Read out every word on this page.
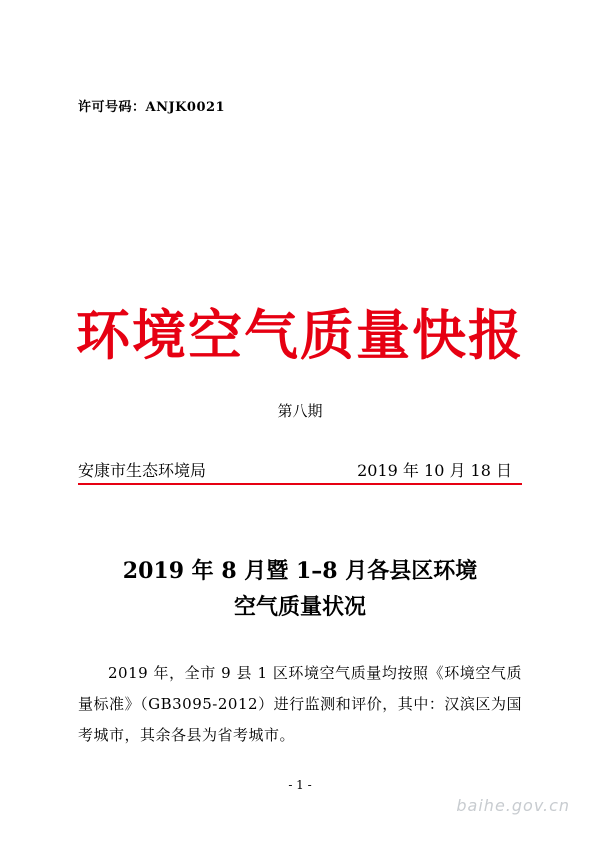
许可号码：ANJK0021
环境空气质量快报
第八期
安康市生态环境局	2019 年 10 月 18 日
2019 年 8 月暨 1–8 月各县区环境
空气质量状况
2019 年，全市 9 县 1 区环境空气质量均按照《环境空气质量标准》（GB3095-2012）进行监测和评价，其中：汉滨区为国考城市，其余各县为省考城市。
- 1 -
baihe.gov.cn
